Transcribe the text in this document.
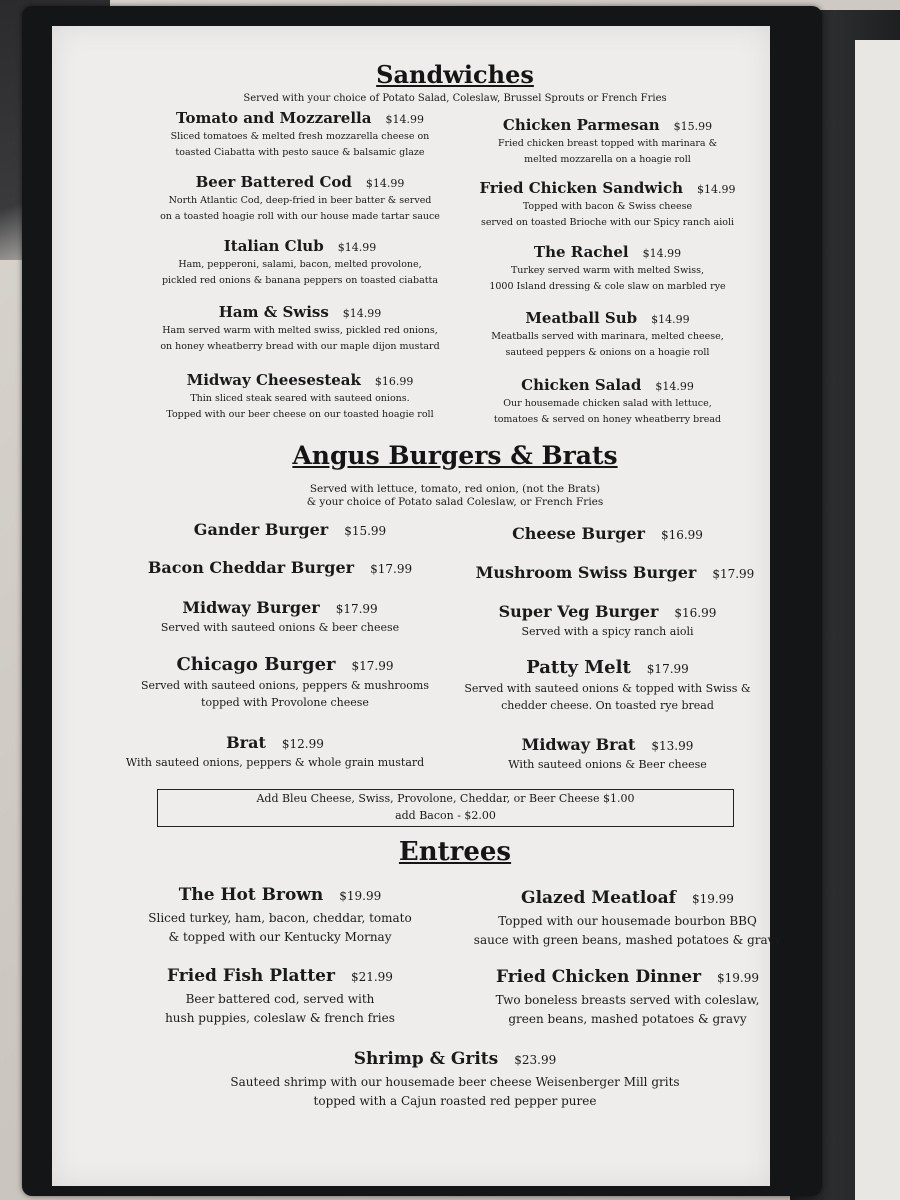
Sandwiches
Served with your choice of Potato Salad, Coleslaw, Brussel Sprouts or French Fries
Tomato and Mozzarella $14.99
Sliced tomatoes & melted fresh mozzarella cheese on
toasted Ciabatta with pesto sauce & balsamic glaze
Beer Battered Cod $14.99
North Atlantic Cod, deep-fried in beer batter & served
on a toasted hoagie roll with our house made tartar sauce
Italian Club $14.99
Ham, pepperoni, salami, bacon, melted provolone,
pickled red onions & banana peppers on toasted ciabatta
Ham & Swiss $14.99
Ham served warm with melted swiss, pickled red onions,
on honey wheatberry bread with our maple dijon mustard
Midway Cheesesteak $16.99
Thin sliced steak seared with sauteed onions.
Topped with our beer cheese on our toasted hoagie roll
Chicken Parmesan $15.99
Fried chicken breast topped with marinara &
melted mozzarella on a hoagie roll
Fried Chicken Sandwich $14.99
Topped with bacon & Swiss cheese
served on toasted Brioche with our Spicy ranch aioli
The Rachel $14.99
Turkey served warm with melted Swiss,
1000 Island dressing & cole slaw on marbled rye
Meatball Sub $14.99
Meatballs served with marinara, melted cheese,
sauteed peppers & onions on a hoagie roll
Chicken Salad $14.99
Our housemade chicken salad with lettuce,
tomatoes & served on honey wheatberry bread
Angus Burgers & Brats
Served with lettuce, tomato, red onion, (not the Brats)
& your choice of Potato salad Coleslaw, or French Fries
Gander Burger $15.99
Bacon Cheddar Burger $17.99
Midway Burger $17.99
Served with sauteed onions & beer cheese
Chicago Burger $17.99
Served with sauteed onions, peppers & mushrooms
topped with Provolone cheese
Brat $12.99
With sauteed onions, peppers & whole grain mustard
Cheese Burger $16.99
Mushroom Swiss Burger $17.99
Super Veg Burger $16.99
Served with a spicy ranch aioli
Patty Melt $17.99
Served with sauteed onions & topped with Swiss &
chedder cheese. On toasted rye bread
Midway Brat $13.99
With sauteed onions & Beer cheese
Add Bleu Cheese, Swiss, Provolone, Cheddar, or Beer Cheese $1.00
add Bacon - $2.00
Entrees
The Hot Brown $19.99
Sliced turkey, ham, bacon, cheddar, tomato
& topped with our Kentucky Mornay
Fried Fish Platter $21.99
Beer battered cod, served with
hush puppies, coleslaw & french fries
Glazed Meatloaf $19.99
Topped with our housemade bourbon BBQ
sauce with green beans, mashed potatoes & gravy
Fried Chicken Dinner $19.99
Two boneless breasts served with coleslaw,
green beans, mashed potatoes & gravy
Shrimp & Grits $23.99
Sauteed shrimp with our housemade beer cheese Weisenberger Mill grits
topped with a Cajun roasted red pepper puree
